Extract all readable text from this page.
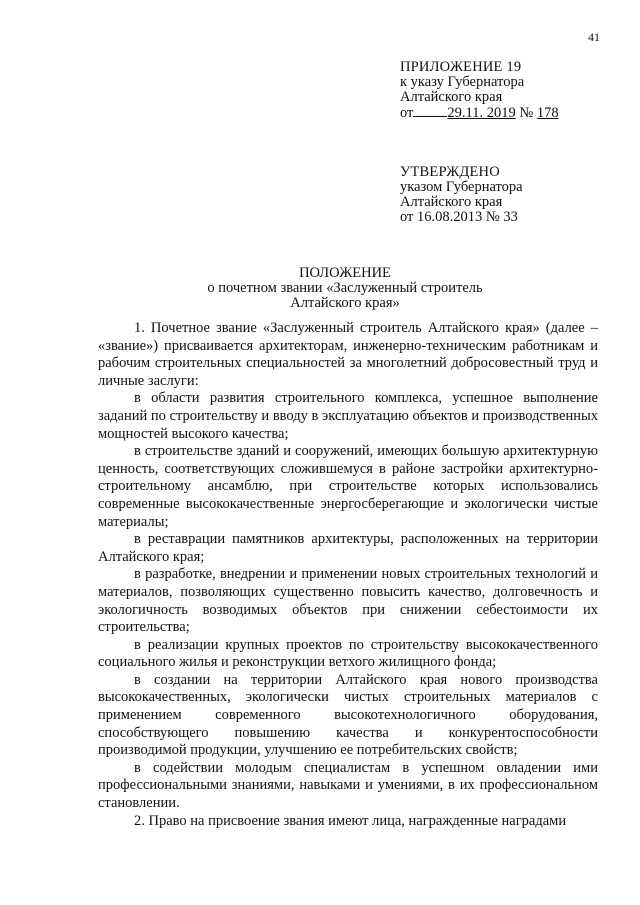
41
ПРИЛОЖЕНИЕ 19
к указу Губернатора
Алтайского края
от 29.11. 2019 № 178
УТВЕРЖДЕНО
указом Губернатора
Алтайского края
от 16.08.2013 № 33
ПОЛОЖЕНИЕ
о почетном звании «Заслуженный строитель
Алтайского края»

1. Почетное звание «Заслуженный строитель Алтайского края» (далее – «звание») присваивается архитекторам, инженерно-техническим работникам и рабочим строительных специальностей за многолетний добросовестный труд и личные заслуги:

в области развития строительного комплекса, успешное выполнение заданий по строительству и вводу в эксплуатацию объектов и производственных мощностей высокого качества;

в строительстве зданий и сооружений, имеющих большую архитектурную ценность, соответствующих сложившемуся в районе застройки архитектурно-строительному ансамблю, при строительстве которых использовались современные высококачественные энергосберегающие и экологически чистые материалы;

в реставрации памятников архитектуры, расположенных на территории Алтайского края;

в разработке, внедрении и применении новых строительных технологий и материалов, позволяющих существенно повысить качество, долговечность и экологичность возводимых объектов при снижении себестоимости их строительства;

в реализации крупных проектов по строительству высококачественного социального жилья и реконструкции ветхого жилищного фонда;

в создании на территории Алтайского края нового производства высококачественных, экологически чистых строительных материалов с применением современного высокотехнологичного оборудования, способствующего повышению качества и конкурентоспособности производимой продукции, улучшению ее потребительских свойств;

в содействии молодым специалистам в успешном овладении ими профессиональными знаниями, навыками и умениями, в их профессиональном становлении.

2. Право на присвоение звания имеют лица, награжденные наградами
